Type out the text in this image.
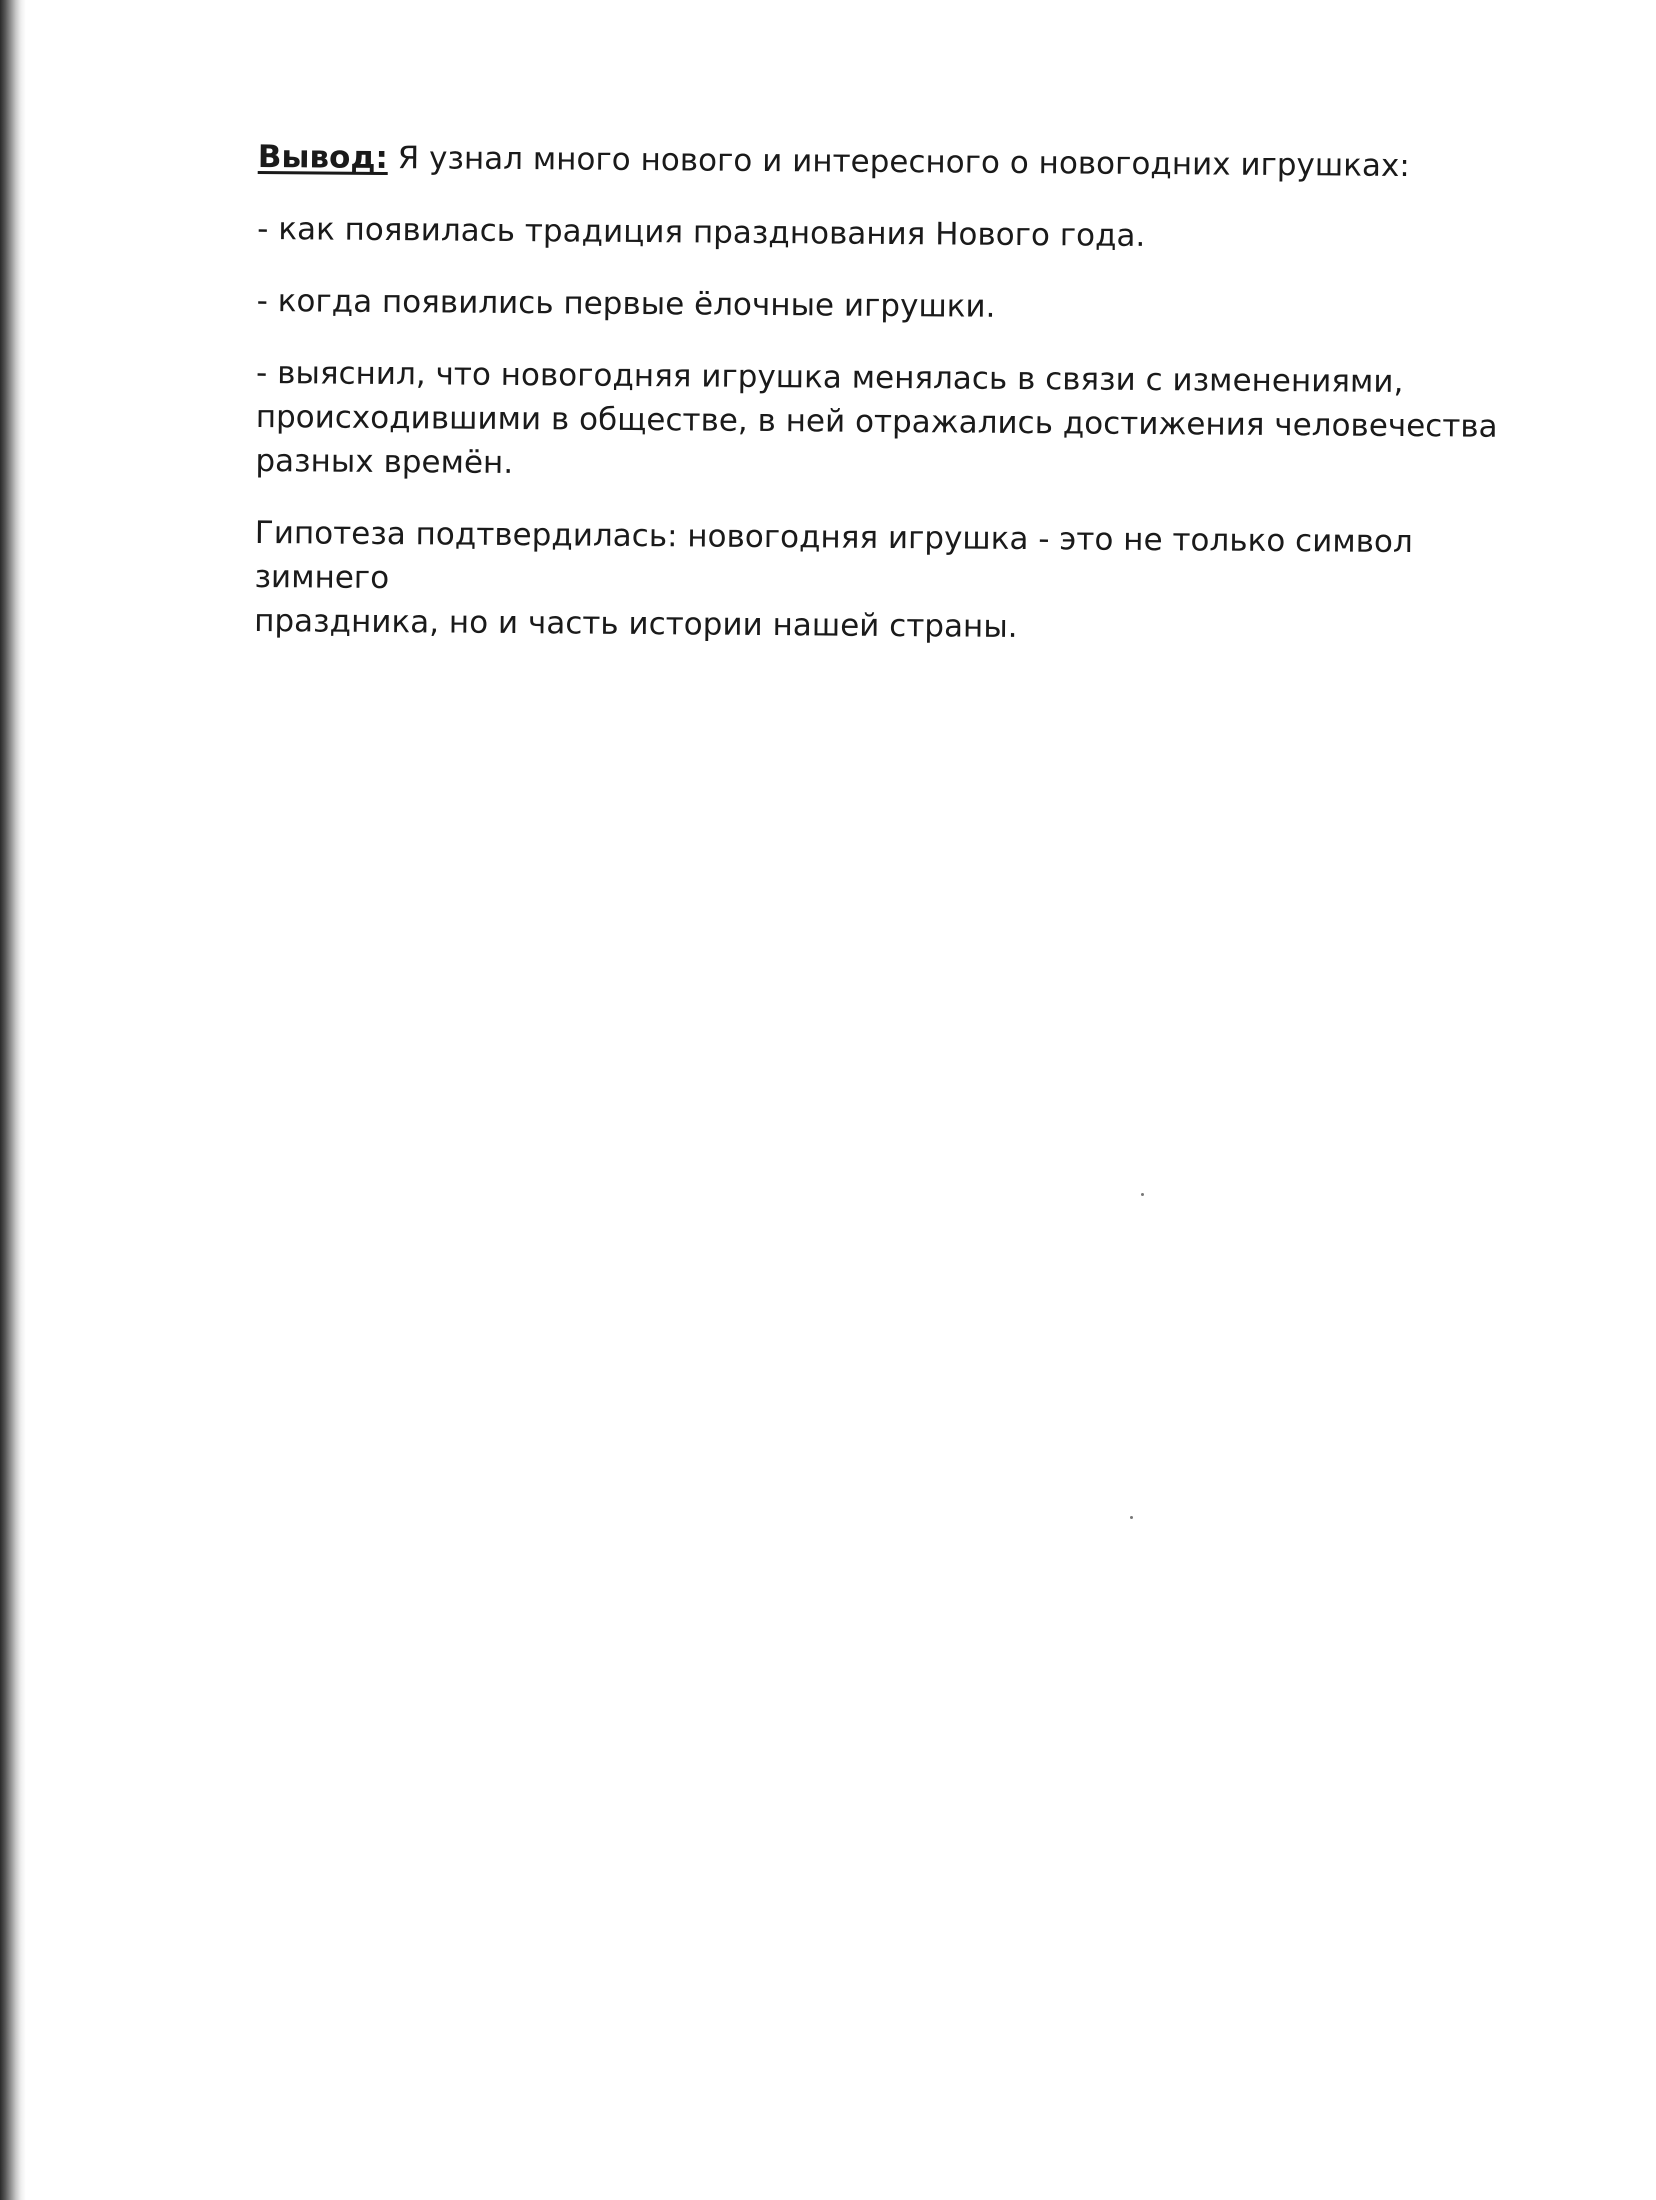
Вывод: Я узнал много нового и интересного о новогодних игрушках:

- как появилась традиция празднования Нового года.

- когда появились первые ёлочные игрушки.

- выяснил, что новогодняя игрушка менялась в связи с изменениями,
происходившими в обществе, в ней отражались достижения человечества
разных времён.

Гипотеза подтвердилась: новогодняя игрушка - это не только символ зимнего
праздника, но и часть истории нашей страны.
